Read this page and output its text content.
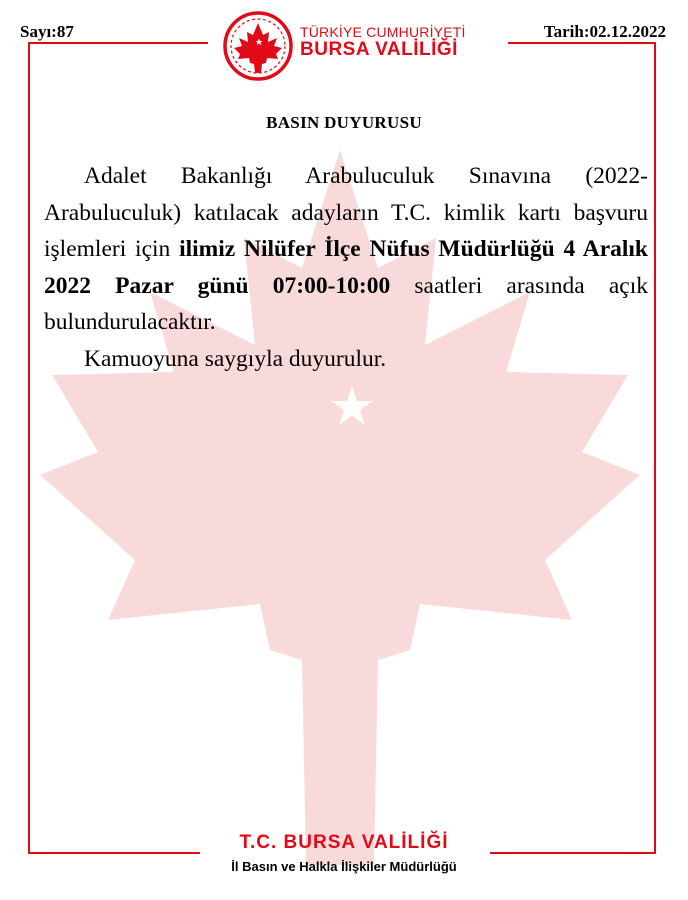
Sayı:87	Tarih:02.12.2022
TÜRKİYE CUMHURİYETİ
BURSA VALİLİĞİ
BASIN DUYURUSU

Adalet Bakanlığı Arabuluculuk Sınavına (2022-Arabuluculuk) katılacak adayların T.C. kimlik kartı başvuru işlemleri için ilimiz Nilüfer İlçe Nüfus Müdürlüğü 4 Aralık 2022 Pazar günü 07:00-10:00 saatleri arasında açık bulundurulacaktır.

Kamuoyuna saygıyla duyurulur.

T.C. BURSA VALİLİĞİ
İl Basın ve Halkla İlişkiler Müdürlüğü
